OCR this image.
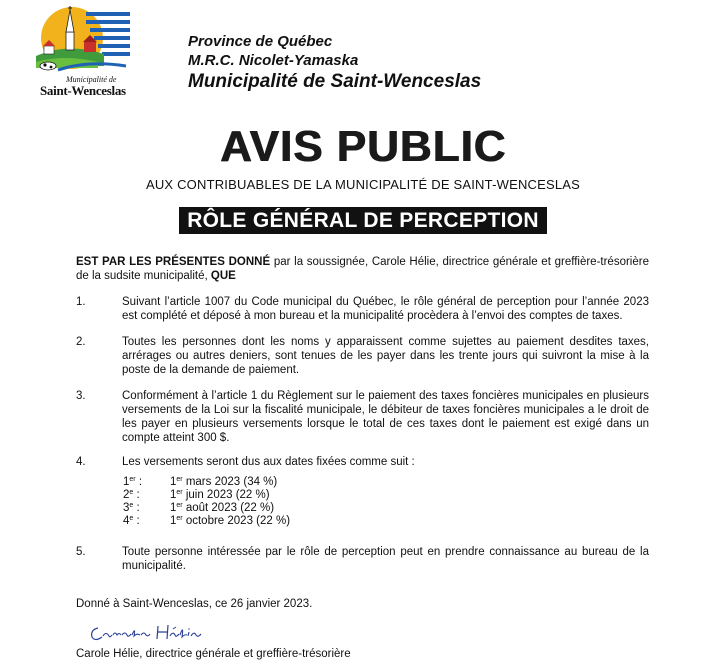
Municipalité de
Saint-Wenceslas
Province de Québec
M.R.C. Nicolet-Yamaska
Municipalité de Saint-Wenceslas
AVIS PUBLIC
AUX CONTRIBUABLES DE LA MUNICIPALITÉ DE SAINT-WENCESLAS
RÔLE GÉNÉRAL DE PERCEPTION
EST PAR LES PRÉSENTES DONNÉ par la soussignée, Carole Hélie, directrice générale et greffière-trésorière de la sudsite municipalité, QUE
1.	Suivant l’article 1007 du Code municipal du Québec, le rôle général de perception pour l’année 2023 est complété et déposé à mon bureau et la municipalité procèdera à l’envoi des comptes de taxes.
2.	Toutes les personnes dont les noms y apparaissent comme sujettes au paiement desdites taxes, arrérages ou autres deniers, sont tenues de les payer dans les trente jours qui suivront la mise à la poste de la demande de paiement.
3.	Conformément à l’article 1 du Règlement sur le paiement des taxes foncières municipales en plusieurs versements de la Loi sur la fiscalité municipale, le débiteur de taxes foncières municipales a le droit de les payer en plusieurs versements lorsque le total de ces taxes dont le paiement est exigé dans un compte atteint 300 $.
4.	Les versements seront dus aux dates fixées comme suit :
1er :	1er mars 2023 (34 %)
2e :	1er juin 2023 (22 %)
3e :	1er août 2023 (22 %)
4e :	1er octobre 2023 (22 %)
5.	Toute personne intéressée par le rôle de perception peut en prendre connaissance au bureau de la municipalité.
Donné à Saint-Wenceslas, ce 26 janvier 2023.
Carole Hélie, directrice générale et greffière-trésorière
